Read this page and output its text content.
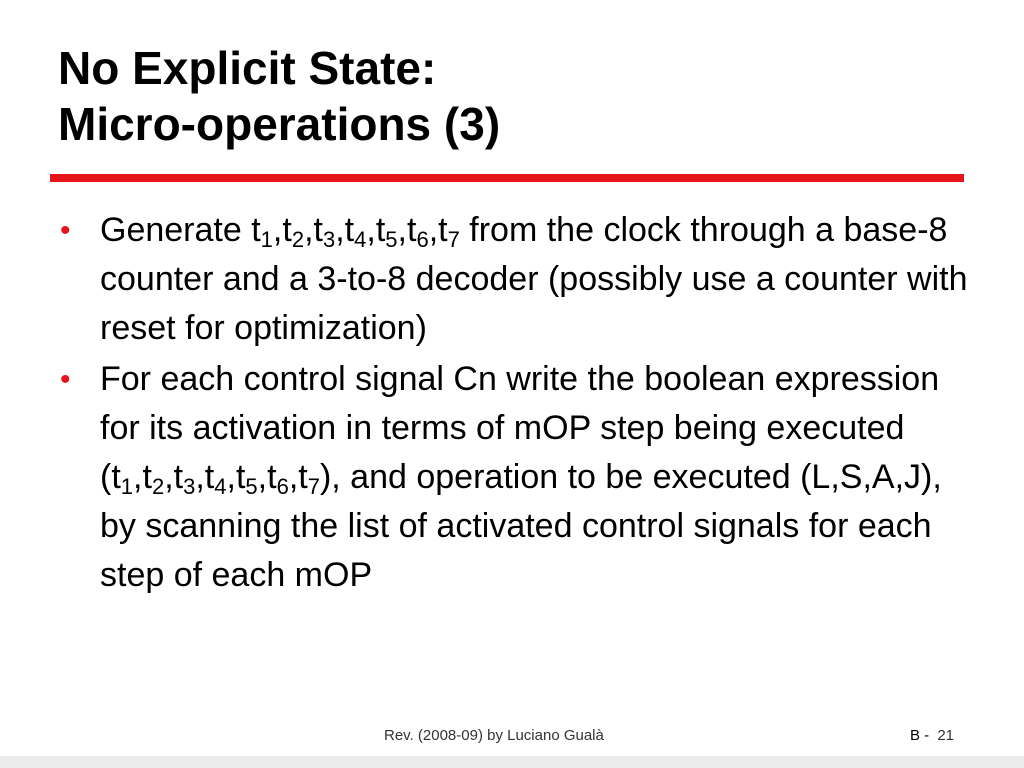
No Explicit State:
Micro-operations (3)
• Generate $t_1,t_2,t_3,t_4,t_5,t_6,t_7$ from the clock through a base-8 counter and a 3-to-8 decoder (possibly use a counter with reset for optimization)
• For each control signal Cn write the boolean expression for its activation in terms of mOP step being executed $(t_1,t_2,t_3,t_4,t_5,t_6,t_7)$, and operation to be executed (L,S,A,J), by scanning the list of activated control signals for each step of each mOP
Rev. (2008-09) by Luciano Gualà	B - 21
